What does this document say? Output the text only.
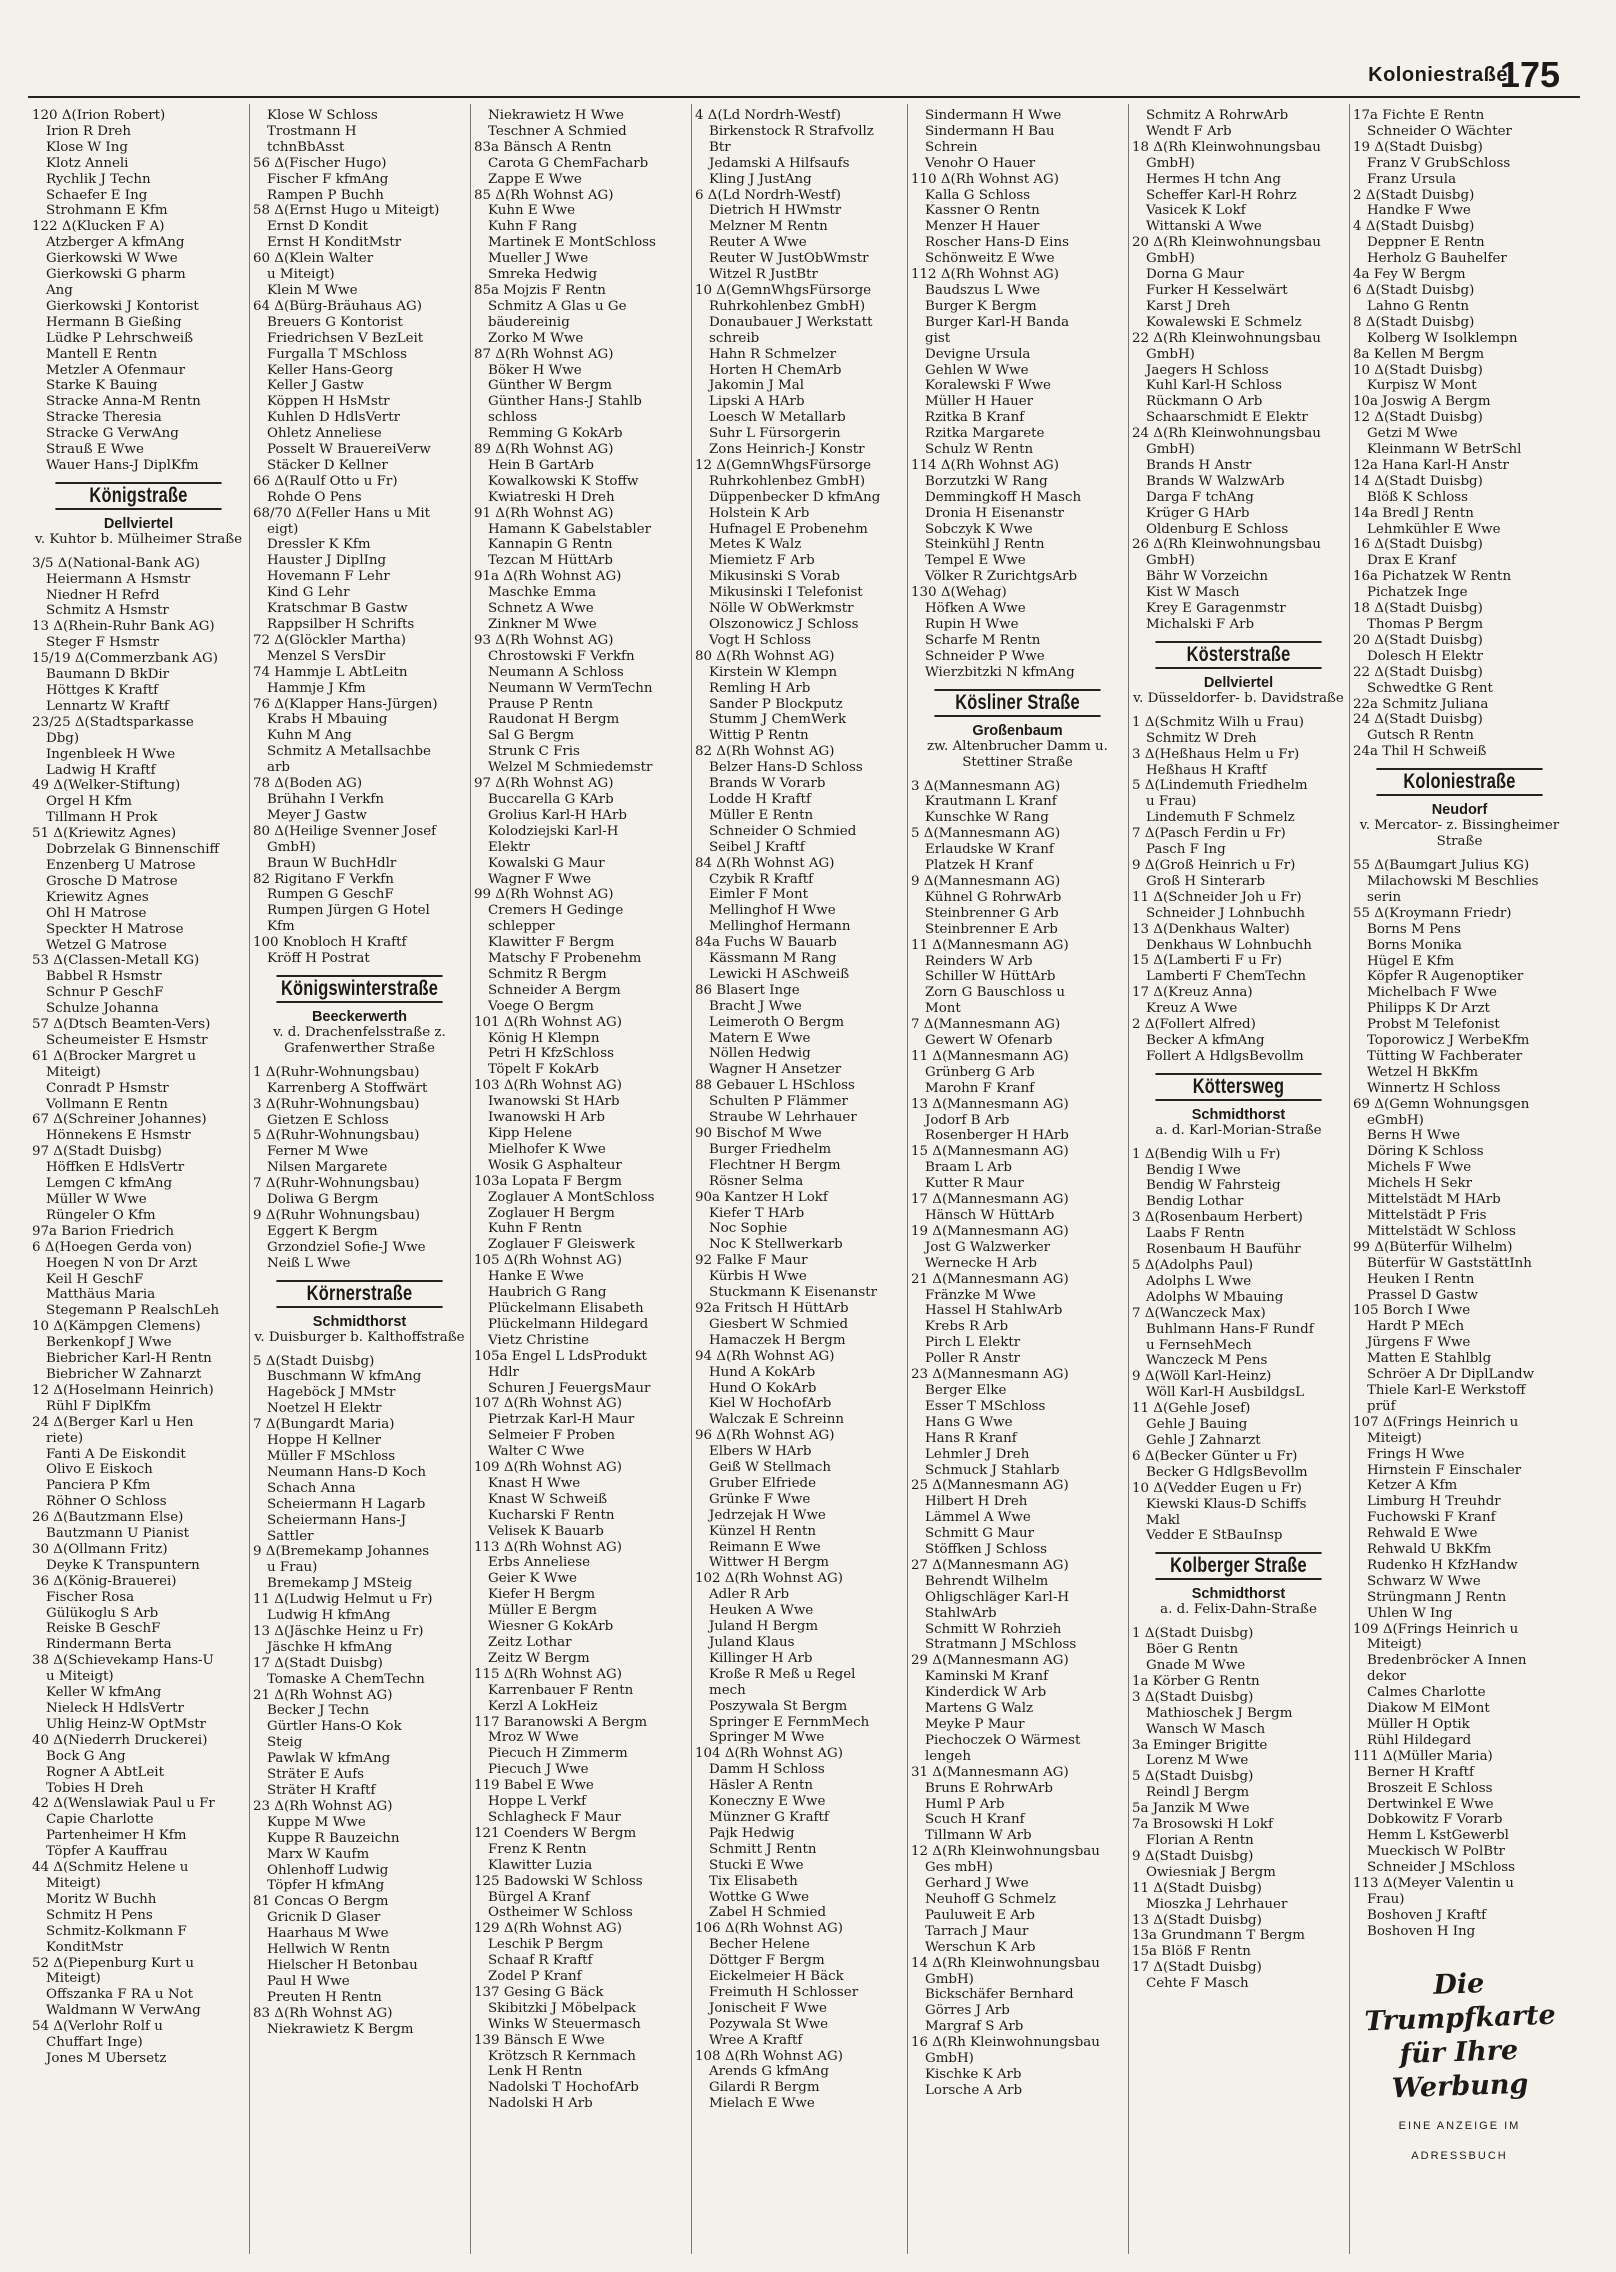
Koloniestraße
175
120 Δ(Irion Robert)
Irion R Dreh
Klose W Ing
Klotz Anneli
Rychlik J Techn
Schaefer E Ing
Strohmann E Kfm
122 Δ(Klucken F A)
Atzberger A kfmAng
Gierkowski W Wwe
Gierkowski G pharm
Ang
Gierkowski J Kontorist
Hermann B Gießing
Lüdke P Lehrschweiß
Mantell E Rentn
Metzler A Ofenmaur
Starke K Bauing
Stracke Anna-M Rentn
Stracke Theresia
Stracke G VerwAng
Strauß E Wwe
Wauer Hans-J DiplKfm
Königstraße
Dellviertel
v. Kuhtor b. Mülheimer Straße
3/5 Δ(National-Bank AG)
Heiermann A Hsmstr
Niedner H Refrd
Schmitz A Hsmstr
13 Δ(Rhein-Ruhr Bank AG)
Steger F Hsmstr
15/19 Δ(Commerzbank AG)
Baumann D BkDir
Höttges K Kraftf
Lennartz W Kraftf
23/25 Δ(Stadtsparkasse
Dbg)
Ingenbleek H Wwe
Ladwig H Kraftf
49 Δ(Welker-Stiftung)
Orgel H Kfm
Tillmann H Prok
51 Δ(Kriewitz Agnes)
Dobrzelak G Binnenschiff
Enzenberg U Matrose
Grosche D Matrose
Kriewitz Agnes
Ohl H Matrose
Speckter H Matrose
Wetzel G Matrose
53 Δ(Classen-Metall KG)
Babbel R Hsmstr
Schnur P GeschF
Schulze Johanna
57 Δ(Dtsch Beamten-Vers)
Scheumeister E Hsmstr
61 Δ(Brocker Margret u
Miteigt)
Conradt P Hsmstr
Vollmann E Rentn
67 Δ(Schreiner Johannes)
Hönnekens E Hsmstr
97 Δ(Stadt Duisbg)
Höffken E HdlsVertr
Lemgen C kfmAng
Müller W Wwe
Rüngeler O Kfm
97a Barion Friedrich
6 Δ(Hoegen Gerda von)
Hoegen N von Dr Arzt
Keil H GeschF
Matthäus Maria
Stegemann P RealschLeh
10 Δ(Kämpgen Clemens)
Berkenkopf J Wwe
Biebricher Karl-H Rentn
Biebricher W Zahnarzt
12 Δ(Hoselmann Heinrich)
Rühl F DiplKfm
24 Δ(Berger Karl u Hen
riete)
Fanti A De Eiskondit
Olivo E Eiskoch
Panciera P Kfm
Röhner O Schloss
26 Δ(Bautzmann Else)
Bautzmann U Pianist
30 Δ(Ollmann Fritz)
Deyke K Transpuntern
36 Δ(König-Brauerei)
Fischer Rosa
Gülükoglu S Arb
Reiske B GeschF
Rindermann Berta
38 Δ(Schievekamp Hans-U
u Miteigt)
Keller W kfmAng
Nieleck H HdlsVertr
Uhlig Heinz-W OptMstr
40 Δ(Niederrh Druckerei)
Bock G Ang
Rogner A AbtLeit
Tobies H Dreh
42 Δ(Wenslawiak Paul u Fr
Capie Charlotte
Partenheimer H Kfm
Töpfer A Kauffrau
44 Δ(Schmitz Helene u
Miteigt)
Moritz W Buchh
Schmitz H Pens
Schmitz-Kolkmann F
KonditMstr
52 Δ(Piepenburg Kurt u
Miteigt)
Offszanka F RA u Not
Waldmann W VerwAng
54 Δ(Verlohr Rolf u
Chuffart Inge)
Jones M Übersetz
Klose W Schloss
Trostmann H
tchnBbAsst
56 Δ(Fischer Hugo)
Fischer F kfmAng
Rampen P Buchh
58 Δ(Ernst Hugo u Miteigt)
Ernst D Kondit
Ernst H KonditMstr
60 Δ(Klein Walter
u Miteigt)
Klein M Wwe
64 Δ(Bürg-Bräuhaus AG)
Breuers G Kontorist
Friedrichsen V BezLeit
Furgalla T MSchloss
Keller Hans-Georg
Keller J Gastw
Köppen H HsMstr
Kuhlen D HdlsVertr
Ohletz Anneliese
Posselt W BrauereiVerw
Stäcker D Kellner
66 Δ(Raulf Otto u Fr)
Rohde O Pens
68/70 Δ(Feller Hans u Mit
eigt)
Dressler K Kfm
Hauster J DiplIng
Hovemann F Lehr
Kind G Lehr
Kratschmar B Gastw
Rappsilber H Schrifts
72 Δ(Glöckler Martha)
Menzel S VersDir
74 Hammje L AbtLeitn
Hammje J Kfm
76 Δ(Klapper Hans-Jürgen)
Krabs H Mbauing
Kuhn M Ang
Schmitz A Metallsachbe
arb
78 Δ(Boden AG)
Brühahn I Verkfn
Meyer J Gastw
80 Δ(Heilige Svenner Josef
GmbH)
Braun W BuchHdlr
82 Rigitano F Verkfn
Rumpen G GeschF
Rumpen Jürgen G Hotel
Kfm
100 Knobloch H Kraftf
Kröff H Postrat
Königswinterstraße
Beeckerwerth
v. d. Drachenfelsstraße z. Grafenwerther Straße
1 Δ(Ruhr-Wohnungsbau)
Karrenberg A Stoffwärt
3 Δ(Ruhr-Wohnungsbau)
Gietzen E Schloss
5 Δ(Ruhr-Wohnungsbau)
Ferner M Wwe
Nilsen Margarete
7 Δ(Ruhr-Wohnungsbau)
Doliwa G Bergm
9 Δ(Ruhr Wohnungsbau)
Eggert K Bergm
Grzondziel Sofie-J Wwe
Neiß L Wwe
Körnerstraße
Schmidthorst
v. Duisburger b. Kalthoffstraße
5 Δ(Stadt Duisbg)
Buschmann W kfmAng
Hageböck J MMstr
Noetzel H Elektr
7 Δ(Bungardt Maria)
Hoppe H Kellner
Müller F MSchloss
Neumann Hans-D Koch
Schach Anna
Scheiermann H Lagarb
Scheiermann Hans-J
Sattler
9 Δ(Bremekamp Johannes
u Frau)
Bremekamp J MSteig
11 Δ(Ludwig Helmut u Fr)
Ludwig H kfmAng
13 Δ(Jäschke Heinz u Fr)
Jäschke H kfmAng
17 Δ(Stadt Duisbg)
Tomaske A ChemTechn
21 Δ(Rh Wohnst AG)
Becker J Techn
Gürtler Hans-O Kok
Steig
Pawlak W kfmAng
Sträter E Aufs
Sträter H Kraftf
23 Δ(Rh Wohnst AG)
Kuppe M Wwe
Kuppe R Bauzeichn
Marx W Kaufm
Ohlenhoff Ludwig
Töpfer H kfmAng
81 Concas O Bergm
Gricnik D Glaser
Haarhaus M Wwe
Hellwich W Rentn
Hielscher H Betonbau
Paul H Wwe
Preuten H Rentn
83 Δ(Rh Wohnst AG)
Niekrawietz K Bergm
Niekrawietz H Wwe
Teschner A Schmied
83a Bänsch A Rentn
Carota G ChemFacharb
Zappe E Wwe
85 Δ(Rh Wohnst AG)
Kuhn E Wwe
Kuhn F Rang
Martinek E MontSchloss
Mueller J Wwe
Smreka Hedwig
85a Mojzis F Rentn
Schmitz A Glas u Ge
bäudereinig
Zorko M Wwe
87 Δ(Rh Wohnst AG)
Böker H Wwe
Günther W Bergm
Günther Hans-J Stahlb
schloss
Remming G KokArb
89 Δ(Rh Wohnst AG)
Hein B GartArb
Kowalkowski K Stoffw
Kwiatreski H Dreh
91 Δ(Rh Wohnst AG)
Hamann K Gabelstabler
Kannapin G Rentn
Tezcan M HüttArb
91a Δ(Rh Wohnst AG)
Maschke Emma
Schnetz A Wwe
Zinkner M Wwe
93 Δ(Rh Wohnst AG)
Chrostowski F Verkfn
Neumann A Schloss
Neumann W VermTechn
Prause P Rentn
Raudonat H Bergm
Sal G Bergm
Strunk C Fris
Welzel M Schmiedemstr
97 Δ(Rh Wohnst AG)
Buccarella G KArb
Grolius Karl-H HArb
Kolodziejski Karl-H
Elektr
Kowalski G Maur
Wagner F Wwe
99 Δ(Rh Wohnst AG)
Cremers H Gedinge
schlepper
Klawitter F Bergm
Matschy F Probenehm
Schmitz R Bergm
Schneider A Bergm
Voege O Bergm
101 Δ(Rh Wohnst AG)
König H Klempn
Petri H KfzSchloss
Töpelt F KokArb
103 Δ(Rh Wohnst AG)
Iwanowski St HArb
Iwanowski H Arb
Kipp Helene
Mielhofer K Wwe
Wosik G Asphalteur
103a Lopata F Bergm
Zoglauer A MontSchloss
Zoglauer H Bergm
Kuhn F Rentn
Zoglauer F Gleiswerk
105 Δ(Rh Wohnst AG)
Hanke E Wwe
Haubrich G Rang
Plückelmann Elisabeth
Plückelmann Hildegard
Vietz Christine
105a Engel L LdsProdukt
Hdlr
Schuren J FeuergsMaur
107 Δ(Rh Wohnst AG)
Pietrzak Karl-H Maur
Selmeier F Proben
Walter C Wwe
109 Δ(Rh Wohnst AG)
Knast H Wwe
Knast W Schweiß
Kucharski F Rentn
Velisek K Bauarb
113 Δ(Rh Wohnst AG)
Erbs Anneliese
Geier K Wwe
Kiefer H Bergm
Müller E Bergm
Wiesner G KokArb
Zeitz Lothar
Zeitz W Bergm
115 Δ(Rh Wohnst AG)
Karrenbauer F Rentn
Kerzl A LokHeiz
117 Baranowski A Bergm
Mroz W Wwe
Piecuch H Zimmerm
Piecuch J Wwe
119 Babel E Wwe
Hoppe L Verkf
Schlagheck F Maur
121 Coenders W Bergm
Frenz K Rentn
Klawitter Luzia
125 Badowski W Schloss
Bürgel A Kranf
Ostheimer W Schloss
129 Δ(Rh Wohnst AG)
Leschik P Bergm
Schaaf R Kraftf
Zodel P Kranf
137 Gesing G Bäck
Skibitzki J Möbelpack
Winks W Steuermasch
139 Bänsch E Wwe
Krötzsch R Kernmach
Lenk H Rentn
Nadolski T HochofArb
Nadolski H Arb
4 Δ(Ld Nordrh-Westf)
Birkenstock R Strafvollz
Btr
Jedamski A Hilfsaufs
Kling J JustAng
6 Δ(Ld Nordrh-Westf)
Dietrich H HWmstr
Melzner M Rentn
Reuter A Wwe
Reuter W JustObWmstr
Witzel R JustBtr
10 Δ(GemnWhgsFürsorge
Ruhrkohlenbez GmbH)
Donaubauer J Werkstatt
schreib
Hahn R Schmelzer
Horten H ChemArb
Jakomin J Mal
Lipski A HArb
Loesch W Metallarb
Suhr L Fürsorgerin
Zons Heinrich-J Konstr
12 Δ(GemnWhgsFürsorge
Ruhrkohlenbez GmbH)
Düppenbecker D kfmAng
Holstein K Arb
Hufnagel E Probenehm
Metes K Walz
Miemietz F Arb
Mikusinski S Vorab
Mikusinski I Telefonist
Nölle W ObWerkmstr
Olszonowicz J Schloss
Vogt H Schloss
80 Δ(Rh Wohnst AG)
Kirstein W Klempn
Remling H Arb
Sander P Blockputz
Stumm J ChemWerk
Wittig P Rentn
82 Δ(Rh Wohnst AG)
Belzer Hans-D Schloss
Brands W Vorarb
Lodde H Kraftf
Müller E Rentn
Schneider O Schmied
Seibel J Kraftf
84 Δ(Rh Wohnst AG)
Czybik R Kraftf
Eimler F Mont
Mellinghof H Wwe
Mellinghof Hermann
84a Fuchs W Bauarb
Kässmann M Rang
Lewicki H ASchweiß
86 Blasert Inge
Bracht J Wwe
Leimeroth O Bergm
Matern E Wwe
Nöllen Hedwig
Wagner H Ansetzer
88 Gebauer L HSchloss
Schulten P Flämmer
Straube W Lehrhauer
90 Bischof M Wwe
Burger Friedhelm
Flechtner H Bergm
Rösner Selma
90a Kantzer H Lokf
Kiefer T HArb
Noc Sophie
Noc K Stellwerkarb
92 Falke F Maur
Kürbis H Wwe
Stuckmann K Eisenanstr
92a Fritsch H HüttArb
Giesbert W Schmied
Hamaczek H Bergm
94 Δ(Rh Wohnst AG)
Hund A KokArb
Hund O KokArb
Kiel W HochofArb
Walczak E Schreinn
96 Δ(Rh Wohnst AG)
Elbers W HArb
Geiß W Stellmach
Gruber Elfriede
Grünke F Wwe
Jedrzejak H Wwe
Künzel H Rentn
Reimann E Wwe
Wittwer H Bergm
102 Δ(Rh Wohnst AG)
Adler R Arb
Heuken A Wwe
Juland H Bergm
Juland Klaus
Killinger H Arb
Kroße R Meß u Regel
mech
Poszywala St Bergm
Springer E FernmMech
Springer M Wwe
104 Δ(Rh Wohnst AG)
Damm H Schloss
Häsler A Rentn
Koneczny E Wwe
Münzner G Kraftf
Pajk Hedwig
Schmitt J Rentn
Stucki E Wwe
Tix Elisabeth
Wottke G Wwe
Zabel H Schmied
106 Δ(Rh Wohnst AG)
Becher Helene
Döttger F Bergm
Eickelmeier H Bäck
Freimuth H Schlosser
Jonischeit F Wwe
Pozywala St Wwe
Wree A Kraftf
108 Δ(Rh Wohnst AG)
Arends G kfmAng
Gilardi R Bergm
Mielach E Wwe
Sindermann H Wwe
Sindermann H Bau
Schrein
Venohr O Hauer
110 Δ(Rh Wohnst AG)
Kalla G Schloss
Kassner O Rentn
Menzer H Hauer
Roscher Hans-D Eins
Schönweitz E Wwe
112 Δ(Rh Wohnst AG)
Baudszus L Wwe
Burger K Bergm
Burger Karl-H Banda
gist
Devigne Ursula
Gehlen W Wwe
Koralewski F Wwe
Müller H Hauer
Rzitka B Kranf
Rzitka Margarete
Schulz W Rentn
114 Δ(Rh Wohnst AG)
Borzutzki W Rang
Demmingkoff H Masch
Dronia H Eisenanstr
Sobczyk K Wwe
Steinkühl J Rentn
Tempel E Wwe
Völker R ZurichtgsArb
130 Δ(Wehag)
Höfken A Wwe
Rupin H Wwe
Scharfe M Rentn
Schneider P Wwe
Wierzbitzki N kfmAng
Kösliner Straße
Großenbaum
zw. Altenbrucher Damm u. Stettiner Straße
3 Δ(Mannesmann AG)
Krautmann L Kranf
Kunschke W Rang
5 Δ(Mannesmann AG)
Erlaudske W Kranf
Platzek H Kranf
9 Δ(Mannesmann AG)
Kühnel G RohrwArb
Steinbrenner G Arb
Steinbrenner E Arb
11 Δ(Mannesmann AG)
Reinders W Arb
Schiller W HüttArb
Zorn G Bauschloss u
Mont
7 Δ(Mannesmann AG)
Gewert W Ofenarb
11 Δ(Mannesmann AG)
Grünberg G Arb
Marohn F Kranf
13 Δ(Mannesmann AG)
Jodorf B Arb
Rosenberger H HArb
15 Δ(Mannesmann AG)
Braam L Arb
Kutter R Maur
17 Δ(Mannesmann AG)
Hänsch W HüttArb
19 Δ(Mannesmann AG)
Jost G Walzwerker
Wernecke H Arb
21 Δ(Mannesmann AG)
Fränzke M Wwe
Hassel H StahlwArb
Krebs R Arb
Pirch L Elektr
Poller R Anstr
23 Δ(Mannesmann AG)
Berger Elke
Esser T MSchloss
Hans G Wwe
Hans R Kranf
Lehmler J Dreh
Schmuck J Stahlarb
25 Δ(Mannesmann AG)
Hilbert H Dreh
Lämmel A Wwe
Schmitt G Maur
Stöffken J Schloss
27 Δ(Mannesmann AG)
Behrendt Wilhelm
Ohligschläger Karl-H
StahlwArb
Schmitt W Rohrzieh
Stratmann J MSchloss
29 Δ(Mannesmann AG)
Kaminski M Kranf
Kinderdick W Arb
Martens G Walz
Meyke P Maur
Piechoczek O Wärmest
lengeh
31 Δ(Mannesmann AG)
Bruns E RohrwArb
Huml P Arb
Scuch H Kranf
Tillmann W Arb
12 Δ(Rh Kleinwohnungsbau
Ges mbH)
Gerhard J Wwe
Neuhoff G Schmelz
Pauluweit E Arb
Tarrach J Maur
Werschun K Arb
14 Δ(Rh Kleinwohnungsbau
GmbH)
Bickschäfer Bernhard
Görres J Arb
Margraf S Arb
16 Δ(Rh Kleinwohnungsbau
GmbH)
Kischke K Arb
Lorsche A Arb
Schmitz A RohrwArb
Wendt F Arb
18 Δ(Rh Kleinwohnungsbau
GmbH)
Hermes H tchn Ang
Scheffer Karl-H Rohrz
Vasicek K Lokf
Wittanski A Wwe
20 Δ(Rh Kleinwohnungsbau
GmbH)
Dorna G Maur
Furker H Kesselwärt
Karst J Dreh
Kowalewski E Schmelz
22 Δ(Rh Kleinwohnungsbau
GmbH)
Jaegers H Schloss
Kuhl Karl-H Schloss
Rückmann O Arb
Schaarschmidt E Elektr
24 Δ(Rh Kleinwohnungsbau
GmbH)
Brands H Anstr
Brands W WalzwArb
Darga F tchAng
Krüger G HArb
Oldenburg E Schloss
26 Δ(Rh Kleinwohnungsbau
GmbH)
Bähr W Vorzeichn
Kist W Masch
Krey E Garagenmstr
Michalski F Arb
Kösterstraße
Dellviertel
v. Düsseldorfer- b. Davidstraße
1 Δ(Schmitz Wilh u Frau)
Schmitz W Dreh
3 Δ(Heßhaus Helm u Fr)
Heßhaus H Kraftf
5 Δ(Lindemuth Friedhelm
u Frau)
Lindemuth F Schmelz
7 Δ(Pasch Ferdin u Fr)
Pasch F Ing
9 Δ(Groß Heinrich u Fr)
Groß H Sinterarb
11 Δ(Schneider Joh u Fr)
Schneider J Lohnbuchh
13 Δ(Denkhaus Walter)
Denkhaus W Lohnbuchh
15 Δ(Lamberti F u Fr)
Lamberti F ChemTechn
17 Δ(Kreuz Anna)
Kreuz A Wwe
2 Δ(Follert Alfred)
Becker A kfmAng
Follert A HdlgsBevollm
Köttersweg
Schmidthorst
a. d. Karl-Morian-Straße
1 Δ(Bendig Wilh u Fr)
Bendig I Wwe
Bendig W Fahrsteig
Bendig Lothar
3 Δ(Rosenbaum Herbert)
Laabs F Rentn
Rosenbaum H Bauführ
5 Δ(Adolphs Paul)
Adolphs L Wwe
Adolphs W Mbauing
7 Δ(Wanczeck Max)
Buhlmann Hans-F Rundf
u FernsehMech
Wanczeck M Pens
9 Δ(Wöll Karl-Heinz)
Wöll Karl-H AusbildgsL
11 Δ(Gehle Josef)
Gehle J Bauing
Gehle J Zahnarzt
6 Δ(Becker Günter u Fr)
Becker G HdlgsBevollm
10 Δ(Vedder Eugen u Fr)
Kiewski Klaus-D Schiffs
Makl
Vedder E StBauInsp
Kolberger Straße
Schmidthorst
a. d. Felix-Dahn-Straße
1 Δ(Stadt Duisbg)
Böer G Rentn
Gnade M Wwe
1a Körber G Rentn
3 Δ(Stadt Duisbg)
Mathioschek J Bergm
Wansch W Masch
3a Eminger Brigitte
Lorenz M Wwe
5 Δ(Stadt Duisbg)
Reindl J Bergm
5a Janzik M Wwe
7a Brosowski H Lokf
Florian A Rentn
9 Δ(Stadt Duisbg)
Owiesniak J Bergm
11 Δ(Stadt Duisbg)
Mioszka J Lehrhauer
13 Δ(Stadt Duisbg)
13a Grundmann T Bergm
15a Blöß F Rentn
17 Δ(Stadt Duisbg)
Cehte F Masch
17a Fichte E Rentn
Schneider O Wächter
19 Δ(Stadt Duisbg)
Franz V GrubSchloss
Franz Ursula
2 Δ(Stadt Duisbg)
Handke F Wwe
4 Δ(Stadt Duisbg)
Deppner E Rentn
Herholz G Bauhelfer
4a Fey W Bergm
6 Δ(Stadt Duisbg)
Lahno G Rentn
8 Δ(Stadt Duisbg)
Kolberg W Isolklempn
8a Kellen M Bergm
10 Δ(Stadt Duisbg)
Kurpisz W Mont
10a Joswig A Bergm
12 Δ(Stadt Duisbg)
Getzi M Wwe
Kleinmann W BetrSchl
12a Hana Karl-H Anstr
14 Δ(Stadt Duisbg)
Blöß K Schloss
14a Bredl J Rentn
Lehmkühler E Wwe
16 Δ(Stadt Duisbg)
Drax E Kranf
16a Pichatzek W Rentn
Pichatzek Inge
18 Δ(Stadt Duisbg)
Thomas P Bergm
20 Δ(Stadt Duisbg)
Dolesch H Elektr
22 Δ(Stadt Duisbg)
Schwedtke G Rent
22a Schmitz Juliana
24 Δ(Stadt Duisbg)
Gutsch R Rentn
24a Thil H Schweiß
Koloniestraße
Neudorf
v. Mercator- z. Bissingheimer Straße
55 Δ(Baumgart Julius KG)
Milachowski M Beschlies
serin
55 Δ(Kroymann Friedr)
Borns M Pens
Borns Monika
Hügel E Kfm
Köpfer R Augenoptiker
Michelbach F Wwe
Philipps K Dr Arzt
Probst M Telefonist
Toporowicz J WerbeKfm
Tütting W Fachberater
Wetzel H BkKfm
Winnertz H Schloss
69 Δ(Gemn Wohnungsgen
eGmbH)
Berns H Wwe
Döring K Schloss
Michels F Wwe
Michels H Sekr
Mittelstädt M HArb
Mittelstädt P Fris
Mittelstädt W Schloss
99 Δ(Büterfür Wilhelm)
Büterfür W GaststättInh
Heuken I Rentn
Prassel D Gastw
105 Borch I Wwe
Hardt P MEch
Jürgens F Wwe
Matten E Stahlblg
Schröer A Dr DiplLandw
Thiele Karl-E Werkstoff
prüf
107 Δ(Frings Heinrich u
Miteigt)
Frings H Wwe
Hirnstein F Einschaler
Ketzer A Kfm
Limburg H Treuhdr
Fuchowski F Kranf
Rehwald E Wwe
Rehwald U BkKfm
Rudenko H KfzHandw
Schwarz W Wwe
Strüngmann J Rentn
Uhlen W Ing
109 Δ(Frings Heinrich u
Miteigt)
Bredenbröcker A Innen
dekor
Calmes Charlotte
Diakow M ElMont
Müller H Optik
Rühl Hildegard
111 Δ(Müller Maria)
Berner H Kraftf
Broszeit E Schloss
Dertwinkel E Wwe
Dobkowitz F Vorarb
Hemm L KstGewerbl
Mueckisch W PolBtr
Schneider J MSchloss
113 Δ(Meyer Valentin u
Frau)
Boshoven J Kraftf
Boshoven H Ing
Die Trumpfkarte
für Ihre Werbung
EINE ANZEIGE IM
ADRESSBUCH
